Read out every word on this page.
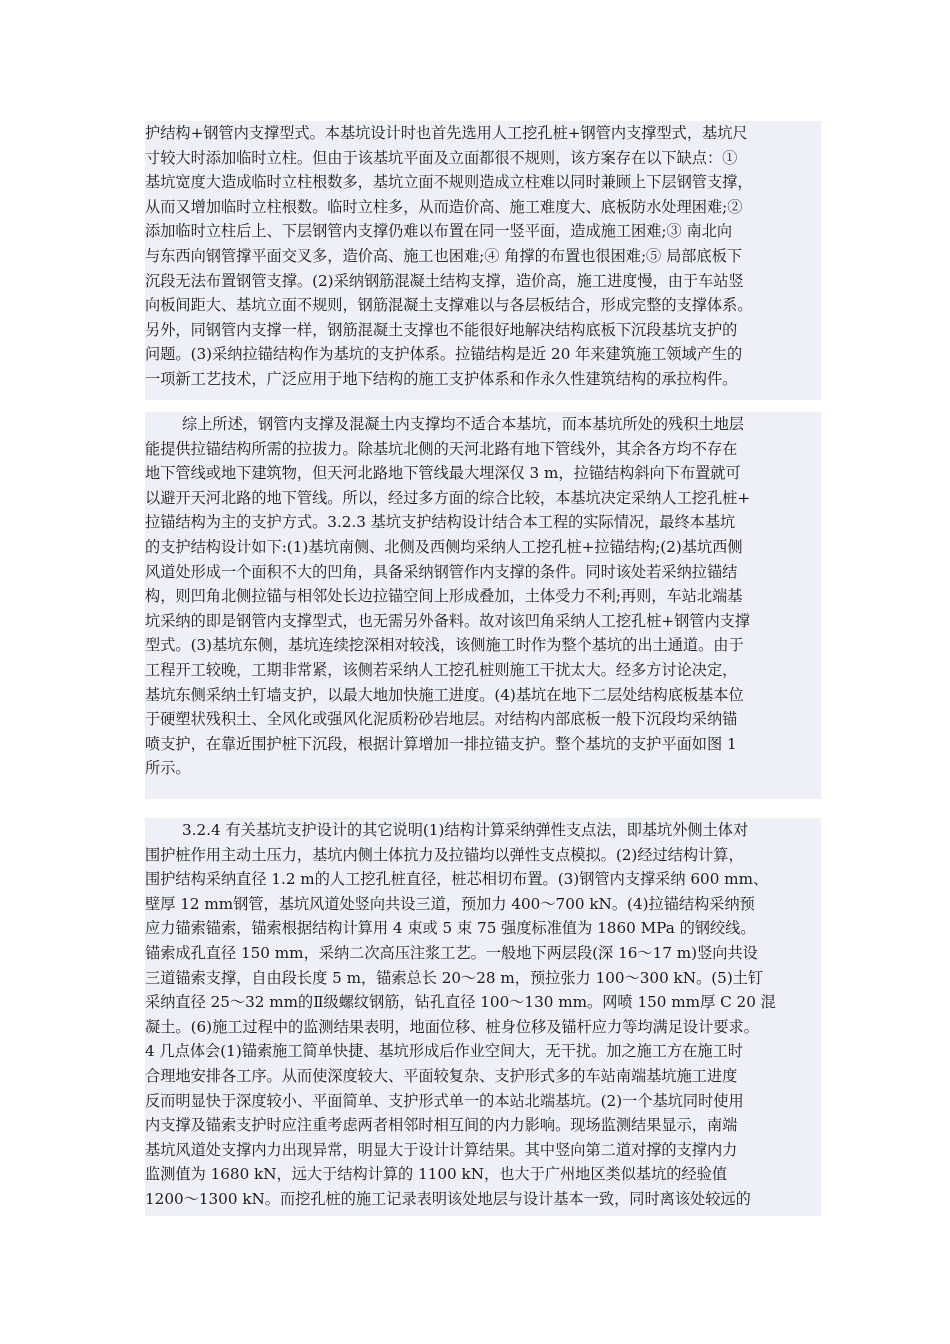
护结构+钢管内支撑型式。本基坑设计时也首先选用人工挖孔桩+钢管内支撑型式，基坑尺
寸较大时添加临时立柱。但由于该基坑平面及立面都很不规则，该方案存在以下缺点：①
基坑宽度大造成临时立柱根数多，基坑立面不规则造成立柱难以同时兼顾上下层钢管支撑，
从而又增加临时立柱根数。临时立柱多，从而造价高、施工难度大、底板防水处理困难;②
添加临时立柱后上、下层钢管内支撑仍难以布置在同一竖平面，造成施工困难;③ 南北向
与东西向钢管撑平面交叉多，造价高、施工也困难;④ 角撑的布置也很困难;⑤ 局部底板下
沉段无法布置钢管支撑。(2)采纳钢筋混凝土结构支撑，造价高，施工进度慢，由于车站竖
向板间距大、基坑立面不规则，钢筋混凝土支撑难以与各层板结合，形成完整的支撑体系。
另外，同钢管内支撑一样，钢筋混凝土支撑也不能很好地解决结构底板下沉段基坑支护的
问题。(3)采纳拉锚结构作为基坑的支护体系。拉锚结构是近 20 年来建筑施工领域产生的
一项新工艺技术，广泛应用于地下结构的施工支护体系和作永久性建筑结构的承拉构件。
综上所述，钢管内支撑及混凝土内支撑均不适合本基坑，而本基坑所处的残积土地层
能提供拉锚结构所需的拉拔力。除基坑北侧的天河北路有地下管线外，其余各方均不存在
地下管线或地下建筑物，但天河北路地下管线最大埋深仅 3 m，拉锚结构斜向下布置就可
以避开天河北路的地下管线。所以，经过多方面的综合比较，本基坑决定采纳人工挖孔桩+
拉锚结构为主的支护方式。3.2.3 基坑支护结构设计结合本工程的实际情况，最终本基坑
的支护结构设计如下:(1)基坑南侧、北侧及西侧均采纳人工挖孔桩+拉锚结构;(2)基坑西侧
风道处形成一个面积不大的凹角，具备采纳钢管作内支撑的条件。同时该处若采纳拉锚结
构，则凹角北侧拉锚与相邻处长边拉锚空间上形成叠加，土体受力不利;再则，车站北端基
坑采纳的即是钢管内支撑型式，也无需另外备料。故对该凹角采纳人工挖孔桩+钢管内支撑
型式。(3)基坑东侧，基坑连续挖深相对较浅，该侧施工时作为整个基坑的出土通道。由于
工程开工较晚，工期非常紧，该侧若采纳人工挖孔桩则施工干扰太大。经多方讨论决定，
基坑东侧采纳土钉墙支护，以最大地加快施工进度。(4)基坑在地下二层处结构底板基本位
于硬塑状残积土、全风化或强风化泥质粉砂岩地层。对结构内部底板一般下沉段均采纳锚
喷支护，在靠近围护桩下沉段，根据计算增加一排拉锚支护。整个基坑的支护平面如图 1
所示。
3.2.4 有关基坑支护设计的其它说明(1)结构计算采纳弹性支点法，即基坑外侧土体对
围护桩作用主动土压力，基坑内侧土体抗力及拉锚均以弹性支点模拟。(2)经过结构计算，
围护结构采纳直径 1.2 m的人工挖孔桩直径，桩芯相切布置。(3)钢管内支撑采纳 600 mm、
壁厚 12 mm钢管，基坑风道处竖向共设三道，预加力 400～700 kN。(4)拉锚结构采纳预
应力锚索锚索，锚索根据结构计算用 4 束或 5 束 75 强度标准值为 1860 MPa 的钢绞线。
锚索成孔直径 150 mm，采纳二次高压注浆工艺。一般地下两层段(深 16～17 m)竖向共设
三道锚索支撑，自由段长度 5 m，锚索总长 20～28 m，预拉张力 100～300 kN。(5)土钉
采纳直径 25～32 mm的Ⅱ级螺纹钢筋，钻孔直径 100～130 mm。网喷 150 mm厚 C 20 混
凝土。(6)施工过程中的监测结果表明，地面位移、桩身位移及锚杆应力等均满足设计要求。
4 几点体会(1)锚索施工简单快捷、基坑形成后作业空间大，无干扰。加之施工方在施工时
合理地安排各工序。从而使深度较大、平面较复杂、支护形式多的车站南端基坑施工进度
反而明显快于深度较小、平面简单、支护形式单一的本站北端基坑。(2)一个基坑同时使用
内支撑及锚索支护时应注重考虑两者相邻时相互间的内力影响。现场监测结果显示，南端
基坑风道处支撑内力出现异常，明显大于设计计算结果。其中竖向第二道对撑的支撑内力
监测值为 1680 kN，远大于结构计算的 1100 kN，也大于广州地区类似基坑的经验值
1200～1300 kN。而挖孔桩的施工记录表明该处地层与设计基本一致，同时离该处较远的
